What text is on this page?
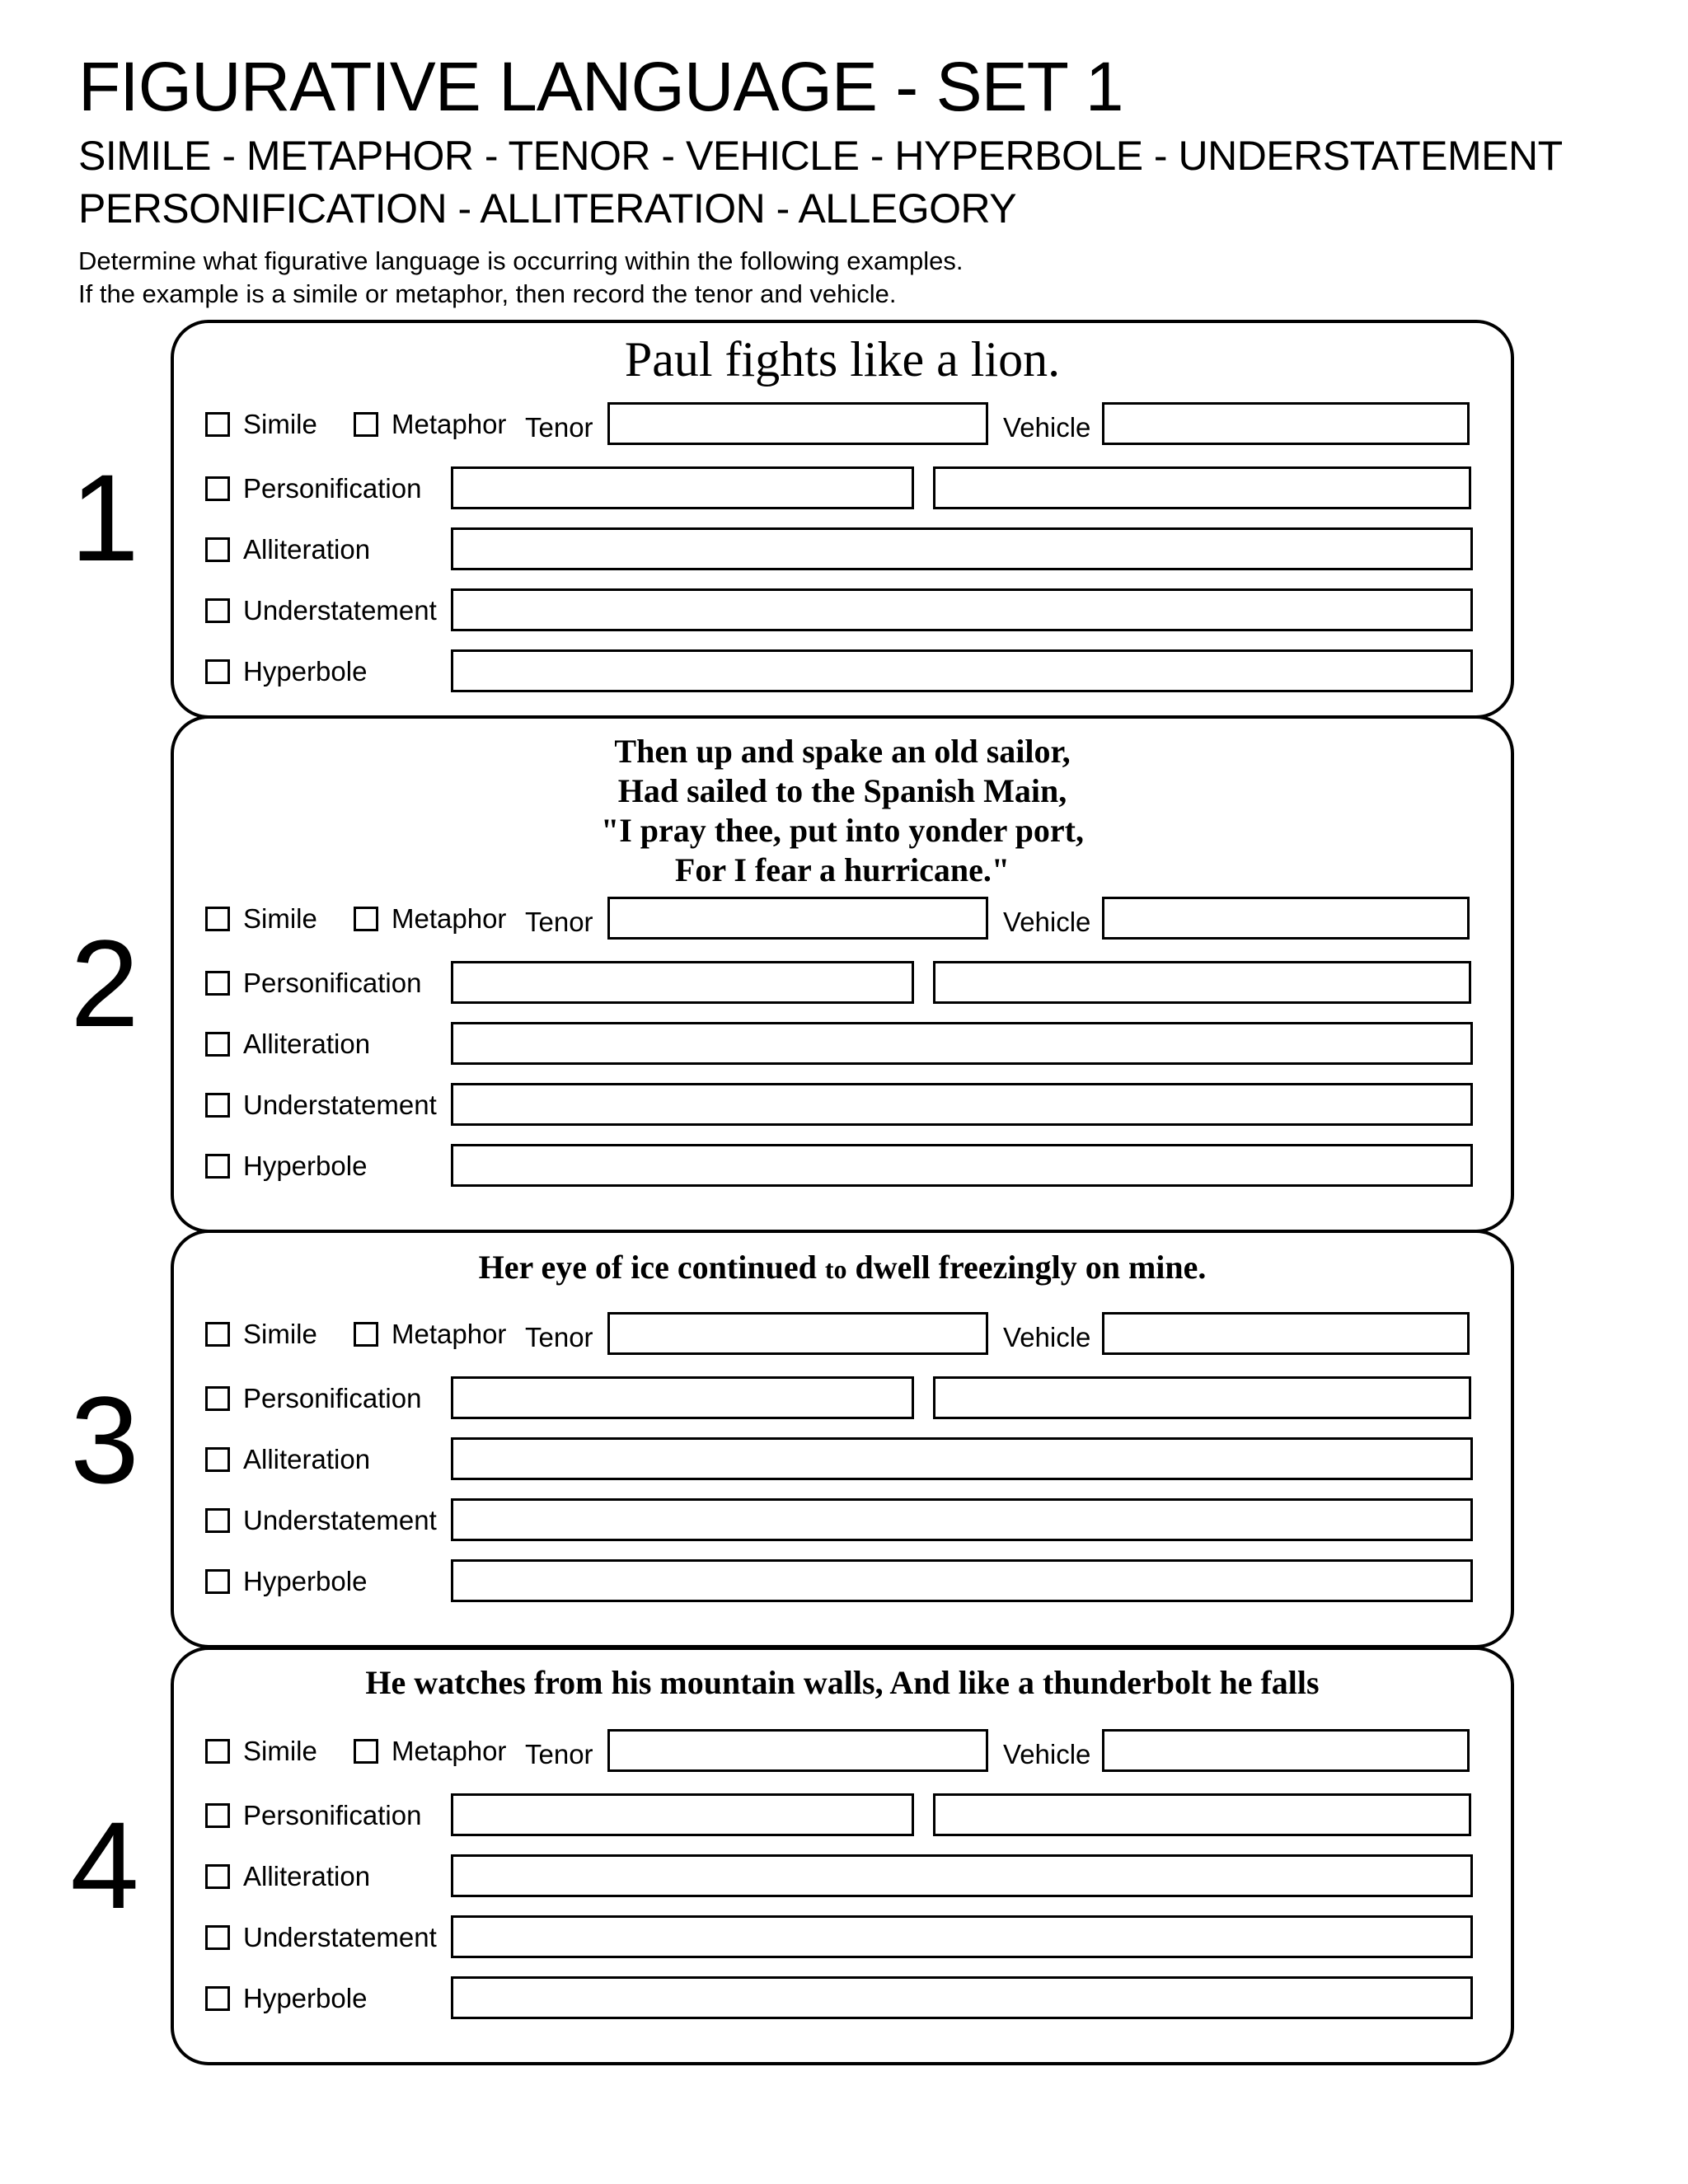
FIGURATIVE LANGUAGE - SET 1
SIMILE - METAPHOR - TENOR - VEHICLE - HYPERBOLE - UNDERSTATEMENT
PERSONIFICATION - ALLITERATION - ALLEGORY
Determine what figurative language is occurring within the following examples.
If the example is a simile or metaphor, then record the tenor and vehicle.
1
Paul fights like a lion.
Simile	Metaphor Tenor	Vehicle
Personification
Alliteration
Understatement
Hyperbole
2
Then up and spake an old sailor,
Had sailed to the Spanish Main,
"I pray thee, put into yonder port,
For I fear a hurricane."
Simile	Metaphor Tenor	Vehicle
Personification
Alliteration
Understatement
Hyperbole
3
Her eye of ice continued to dwell freezingly on mine.
Simile	Metaphor Tenor	Vehicle
Personification
Alliteration
Understatement
Hyperbole
4
He watches from his mountain walls, And like a thunderbolt he falls
Simile	Metaphor Tenor	Vehicle
Personification
Alliteration
Understatement
Hyperbole
